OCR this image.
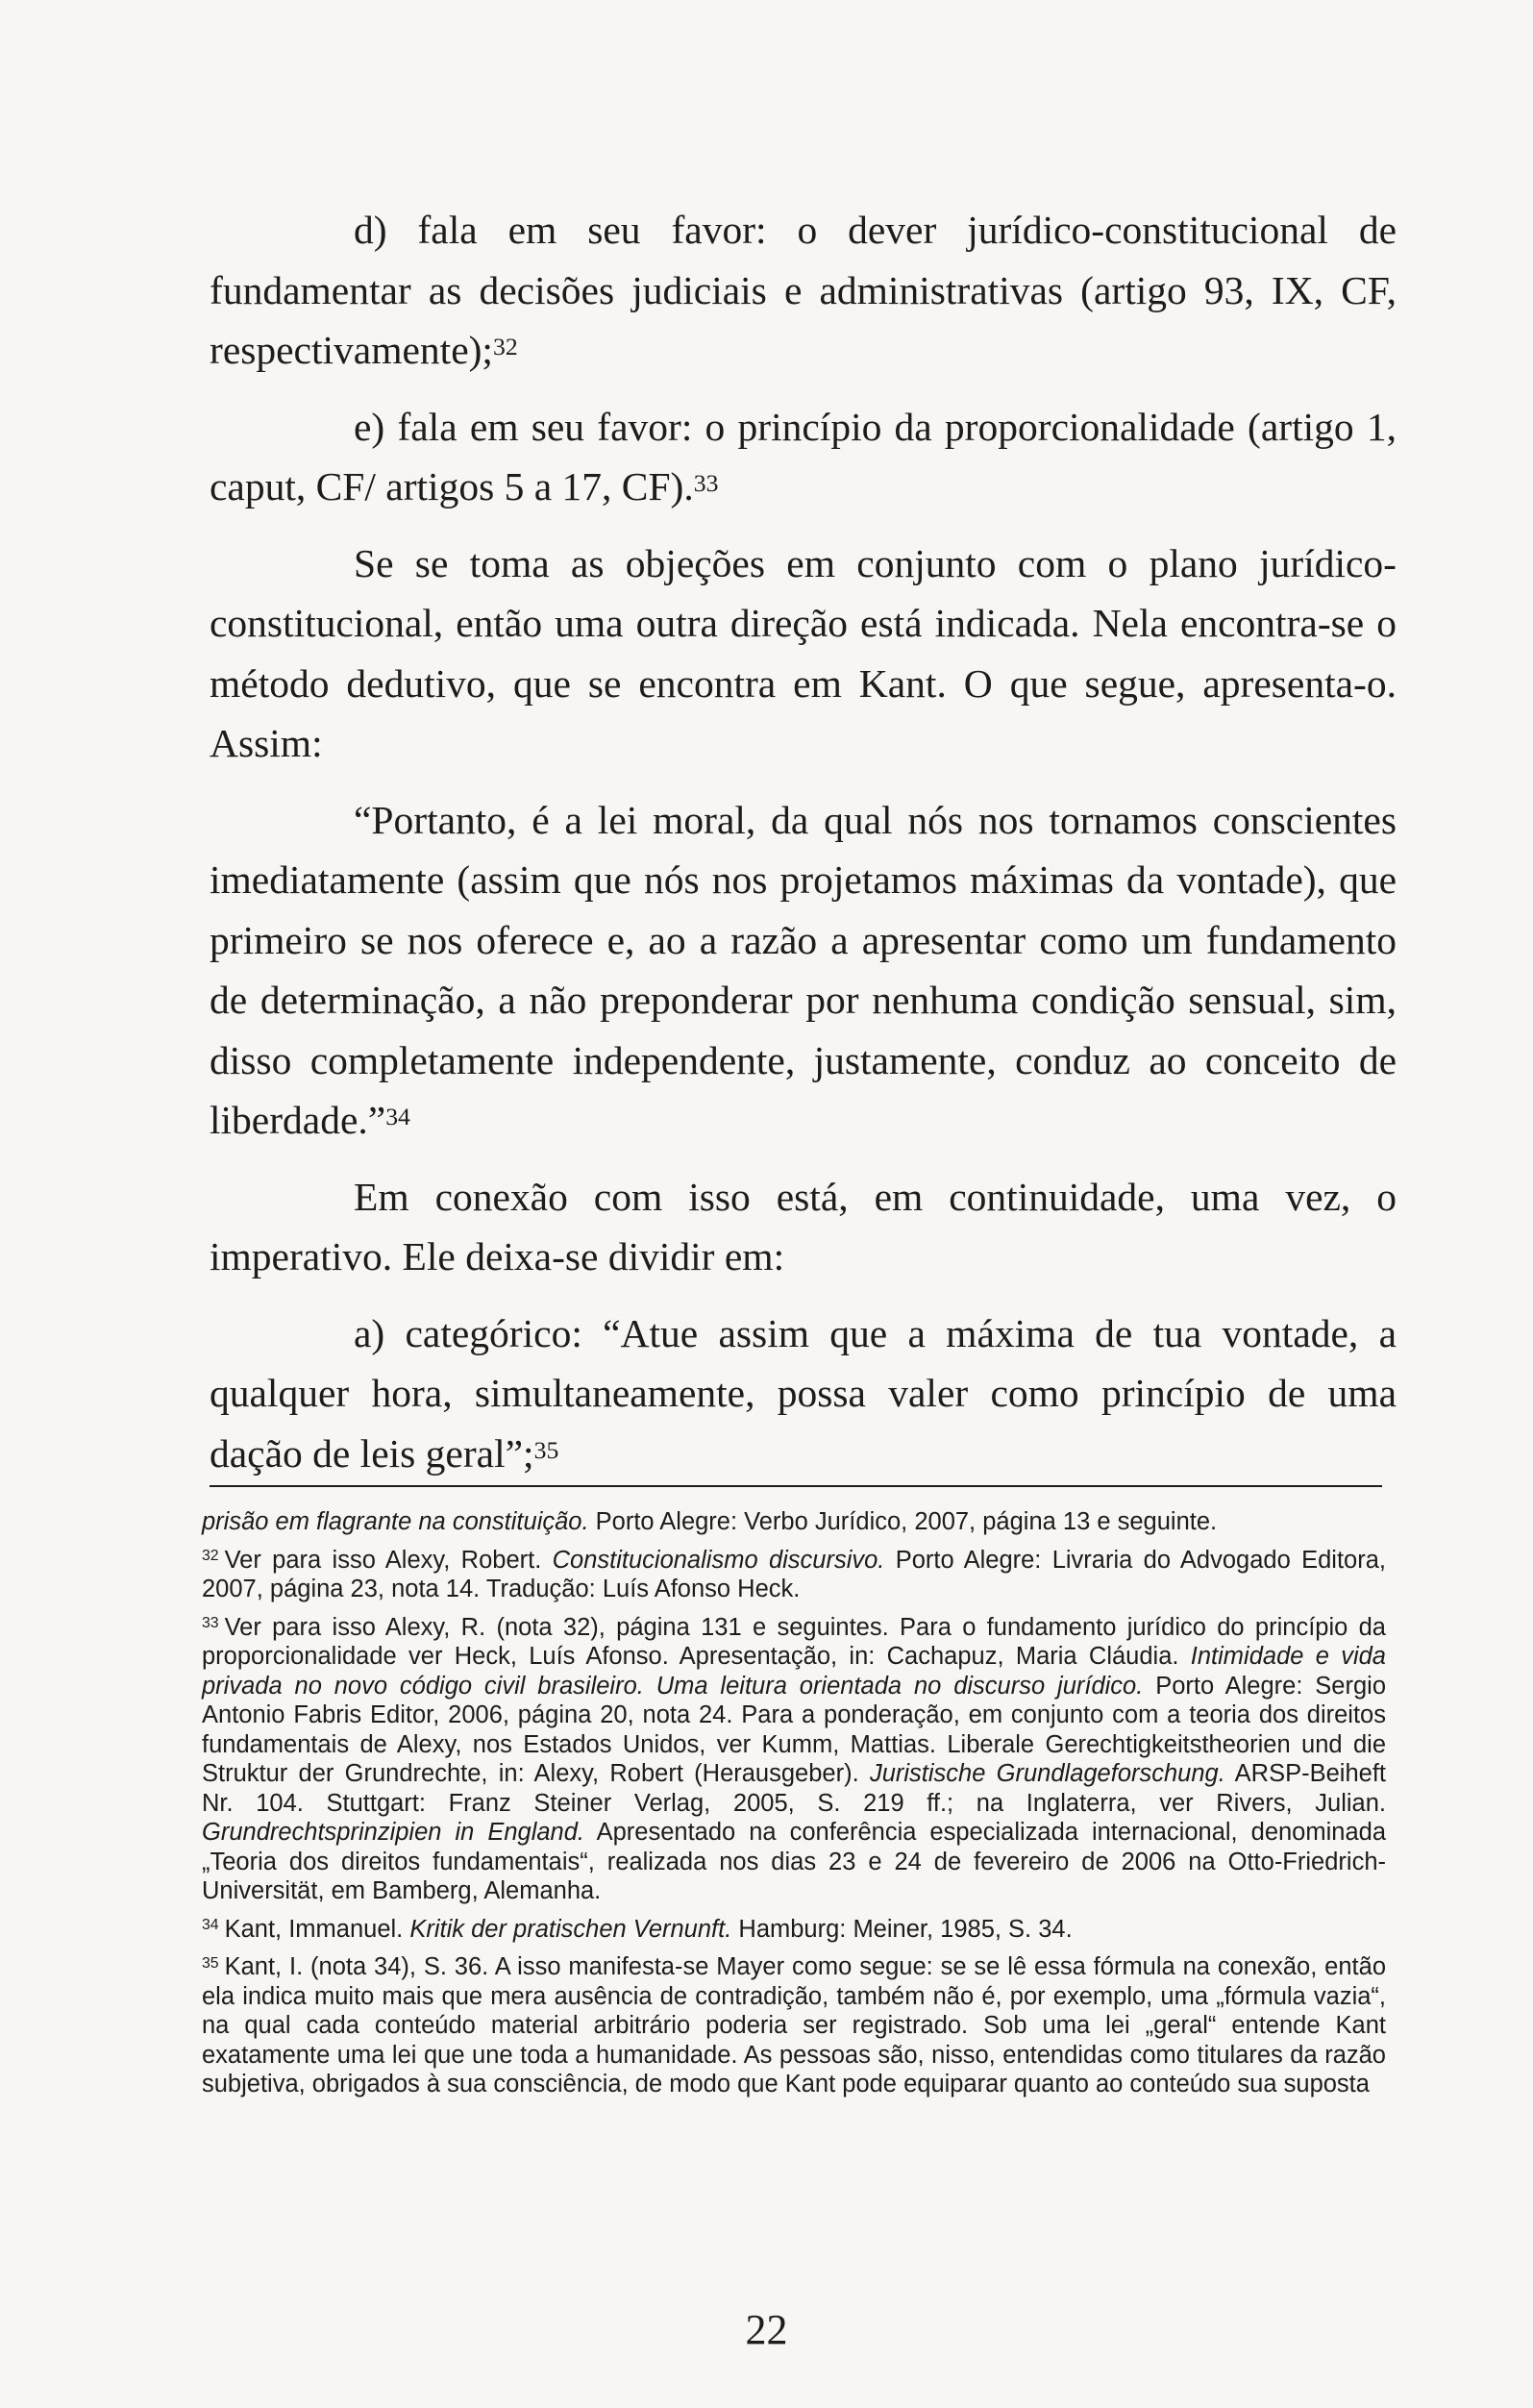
d) fala em seu favor: o dever jurídico-constitucional de fundamentar as decisões judiciais e administrativas (artigo 93, IX, CF, respectivamente);$^{32}$

e) fala em seu favor: o princípio da proporcionalidade (artigo 1, caput, CF/ artigos 5 a 17, CF).$^{33}$

Se se toma as objeções em conjunto com o plano jurídico-constitucional, então uma outra direção está indicada. Nela encontra-se o método dedutivo, que se encontra em Kant. O que segue, apresenta-o. Assim:

“Portanto, é a lei moral, da qual nós nos tornamos conscientes imediatamente (assim que nós nos projetamos máximas da vontade), que primeiro se nos oferece e, ao a razão a apresentar como um fundamento de determinação, a não preponderar por nenhuma condição sensual, sim, disso completamente independente, justamente, conduz ao conceito de liberdade.”$^{34}$

Em conexão com isso está, em continuidade, uma vez, o imperativo. Ele deixa-se dividir em:

a) categórico: “Atue assim que a máxima de tua vontade, a qualquer hora, simultaneamente, possa valer como princípio de uma dação de leis geral”;$^{35}$

prisão em flagrante na constituição. Porto Alegre: Verbo Jurídico, 2007, página 13 e seguinte.

$^{32}$ Ver para isso Alexy, Robert. Constitucionalismo discursivo. Porto Alegre: Livraria do Advogado Editora, 2007, página 23, nota 14. Tradução: Luís Afonso Heck.

$^{33}$ Ver para isso Alexy, R. (nota 32), página 131 e seguintes. Para o fundamento jurídico do princípio da proporcionalidade ver Heck, Luís Afonso. Apresentação, in: Cachapuz, Maria Cláudia. Intimidade e vida privada no novo código civil brasileiro. Uma leitura orientada no discurso jurídico. Porto Alegre: Sergio Antonio Fabris Editor, 2006, página 20, nota 24. Para a ponderação, em conjunto com a teoria dos direitos fundamentais de Alexy, nos Estados Unidos, ver Kumm, Mattias. Liberale Gerechtigkeitstheorien und die Struktur der Grundrechte, in: Alexy, Robert (Herausgeber). Juristische Grundlageforschung. ARSP-Beiheft Nr. 104. Stuttgart: Franz Steiner Verlag, 2005, S. 219 ff.; na Inglaterra, ver Rivers, Julian. Grundrechtsprinzipien in England. Apresentado na conferência especializada internacional, denominada „Teoria dos direitos fundamentais“, realizada nos dias 23 e 24 de fevereiro de 2006 na Otto-Friedrich-Universität, em Bamberg, Alemanha.

$^{34}$ Kant, Immanuel. Kritik der pratischen Vernunft. Hamburg: Meiner, 1985, S. 34.

$^{35}$ Kant, I. (nota 34), S. 36. A isso manifesta-se Mayer como segue: se se lê essa fórmula na conexão, então ela indica muito mais que mera ausência de contradição, também não é, por exemplo, uma „fórmula vazia“, na qual cada conteúdo material arbitrário poderia ser registrado. Sob uma lei „geral“ entende Kant exatamente uma lei que une toda a humanidade. As pessoas são, nisso, entendidas como titulares da razão subjetiva, obrigados à sua consciência, de modo que Kant pode equiparar quanto ao conteúdo sua suposta

22
